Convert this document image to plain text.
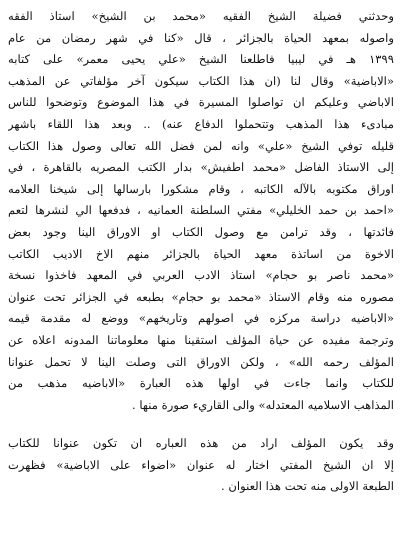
وحدثني فضيلة الشيخ الفقيه «محمد بن الشيخ» استاذ الفقه
واصوله بمعهد الحياة بالجزائر ، قال «كنا في شهر رمضان من عام
١٣٩٩ هـ في ليبيا فاطلعنا الشيخ «علي يحيى معمر» على كتابه
«الاباضية» وقال لنا (ان هذا الكتاب سيكون آخر مؤلفاتي عن المذهب
الاباضي وعليكم ان تواصلوا المسيرة في هذا الموضوع وتوضحوا للناس
مبادىء هذا المذهب وتتحملوا الدفاع عنه) .. وبعد هذا اللقاء باشهر
قليله توفي الشيخ «علي» وانه لمن فضل الله تعالى وصول هذا الكتاب
إلى الاستاذ الفاضل «محمد اطفيش» بدار الكتب المصريه بالقاهرة ، في
اوراق مكتوبه بالآله الكاتبه ، وقام مشكورا بارسالها إلى شيخنا العلامه
«احمد بن حمد الخليلي» مفتي السلطنة العمانيه ، فدفعها الي لنشرها لتعم
فائدتها ، وقد ترامن مع وصول الكتاب او الاوراق الينا وجود بعض
الاخوة من اساتذة معهد الحياة بالجزائر منهم الاخ الاديب الكاتب
«محمد ناصر بو حجام» استاذ الادب العربي في المعهد فاخذوا نسخة
مصوره منه وقام الاستاذ «محمد بو حجام» بطبعه في الجزائر تحت عنوان
«الاباضيه دراسة مركزه في اصولهم وتاريخهم» ووضع له مقدمة قيمه
وترجمة مفيده عن حياة المؤلف استقينا منها معلوماتنا المدونه اعلاه عن
المؤلف رحمه الله» ، ولكن الاوراق التى وصلت الينا لا تحمل عنوانا
للكتاب وانما جاءت في اولها هذه العبارة «الاباضيه مذهب من
المذاهب الاسلاميه المعتدله» والى القاريء صورة منها .
وقد يكون المؤلف اراد من هذه العباره ان تكون عنوانا للكتاب
إلا ان الشيخ المفتي اختار له عنوان «اضواء على الاباضية» فظهرت
الطبعة الاولى منه تحت هذا العنوان .
